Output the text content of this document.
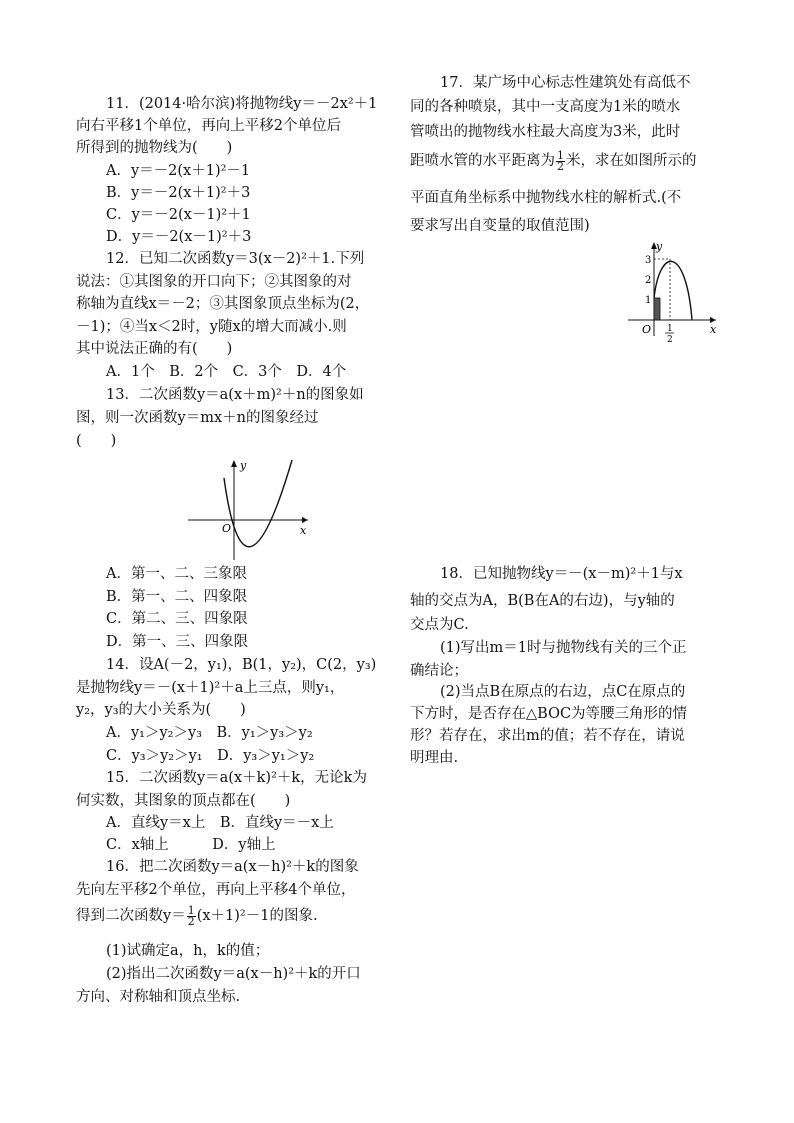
11．(2014·哈尔滨)将抛物线y＝－2x²＋1
向右平移1个单位，再向上平移2个单位后
所得到的抛物线为(　　)
A．y＝－2(x＋1)²－1
B．y＝－2(x＋1)²＋3
C．y＝－2(x－1)²＋1
D．y＝－2(x－1)²＋3
12．已知二次函数y＝3(x－2)²＋1.下列
说法：①其图象的开口向下；②其图象的对
称轴为直线x＝－2；③其图象顶点坐标为(2，
－1)；④当x＜2时，y随x的增大而减小.则
其中说法正确的有(　　)
A．1个　B．2个　C．3个　D．4个
13．二次函数y＝a(x＋m)²＋n的图象如
图，则一次函数y＝mx＋n的图象经过
(　　)
y
x
O
A．第一、二、三象限
B．第一、二、四象限
C．第二、三、四象限
D．第一、三、四象限
14．设A(－2，y₁)，B(1，y₂)，C(2，y₃)
是抛物线y＝－(x＋1)²＋a上三点，则y₁，
y₂，y₃的大小关系为(　　)
A．y₁＞y₂＞y₃　B．y₁＞y₃＞y₂
C．y₃＞y₂＞y₁　D．y₃＞y₁＞y₂
15．二次函数y＝a(x＋k)²＋k，无论k为
何实数，其图象的顶点都在(　　)
A．直线y＝x上　B．直线y＝－x上
C．x轴上　　　D．y轴上
16．把二次函数y＝a(x－h)²＋k的图象
先向左平移2个单位，再向上平移4个单位，
得到二次函数$y= \frac{1}{2} (x+1)^2-1$的图象.
(1)试确定a，h，k的值；
(2)指出二次函数y＝a(x－h)²＋k的开口
方向、对称轴和顶点坐标.
17．某广场中心标志性建筑处有高低不
同的各种喷泉，其中一支高度为1米的喷水
管喷出的抛物线水柱最大高度为3米，此时
距喷水管的水平距离为 $\frac{1}{2}$ 米，求在如图所示的
平面直角坐标系中抛物线水柱的解析式.(不
要求写出自变量的取值范围)
y
x
O
3
2
1
1
2
18．已知抛物线y＝－(x－m)²＋1与x
轴的交点为A，B(B在A的右边)，与y轴的
交点为C.
(1)写出m＝1时与抛物线有关的三个正
确结论；
(2)当点B在原点的右边，点C在原点的
下方时，是否存在△BOC为等腰三角形的情
形？若存在，求出m的值；若不存在，请说
明理由.
